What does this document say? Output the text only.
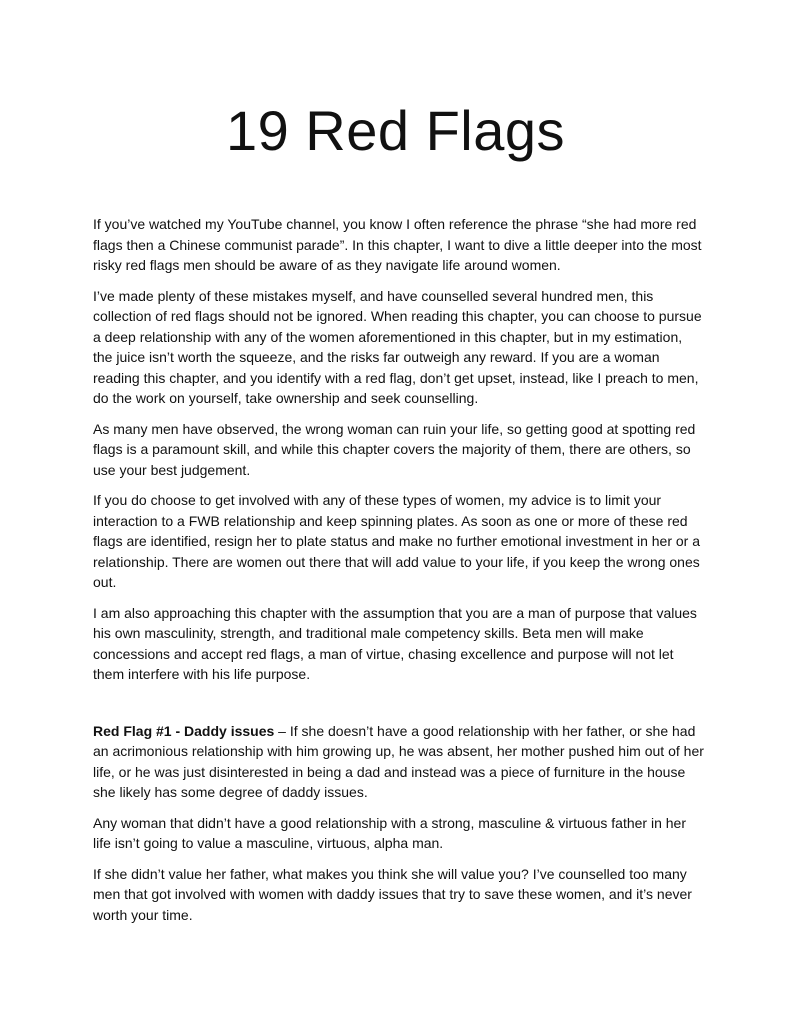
19 Red Flags

If you’ve watched my YouTube channel, you know I often reference the phrase “she had more red flags then a Chinese communist parade”. In this chapter, I want to dive a little deeper into the most risky red flags men should be aware of as they navigate life around women.

I’ve made plenty of these mistakes myself, and have counselled several hundred men, this collection of red flags should not be ignored. When reading this chapter, you can choose to pursue a deep relationship with any of the women aforementioned in this chapter, but in my estimation, the juice isn’t worth the squeeze, and the risks far outweigh any reward. If you are a woman reading this chapter, and you identify with a red flag, don’t get upset, instead, like I preach to men, do the work on yourself, take ownership and seek counselling.

As many men have observed, the wrong woman can ruin your life, so getting good at spotting red flags is a paramount skill, and while this chapter covers the majority of them, there are others, so use your best judgement.

If you do choose to get involved with any of these types of women, my advice is to limit your interaction to a FWB relationship and keep spinning plates. As soon as one or more of these red flags are identified, resign her to plate status and make no further emotional investment in her or a relationship. There are women out there that will add value to your life, if you keep the wrong ones out.

I am also approaching this chapter with the assumption that you are a man of purpose that values his own masculinity, strength, and traditional male competency skills. Beta men will make concessions and accept red flags, a man of virtue, chasing excellence and purpose will not let them interfere with his life purpose.

Red Flag #1 - Daddy issues – If she doesn’t have a good relationship with her father, or she had an acrimonious relationship with him growing up, he was absent, her mother pushed him out of her life, or he was just disinterested in being a dad and instead was a piece of furniture in the house she likely has some degree of daddy issues.

Any woman that didn’t have a good relationship with a strong, masculine & virtuous father in her life isn’t going to value a masculine, virtuous, alpha man.

If she didn’t value her father, what makes you think she will value you? I’ve counselled too many men that got involved with women with daddy issues that try to save these women, and it’s never worth your time.
